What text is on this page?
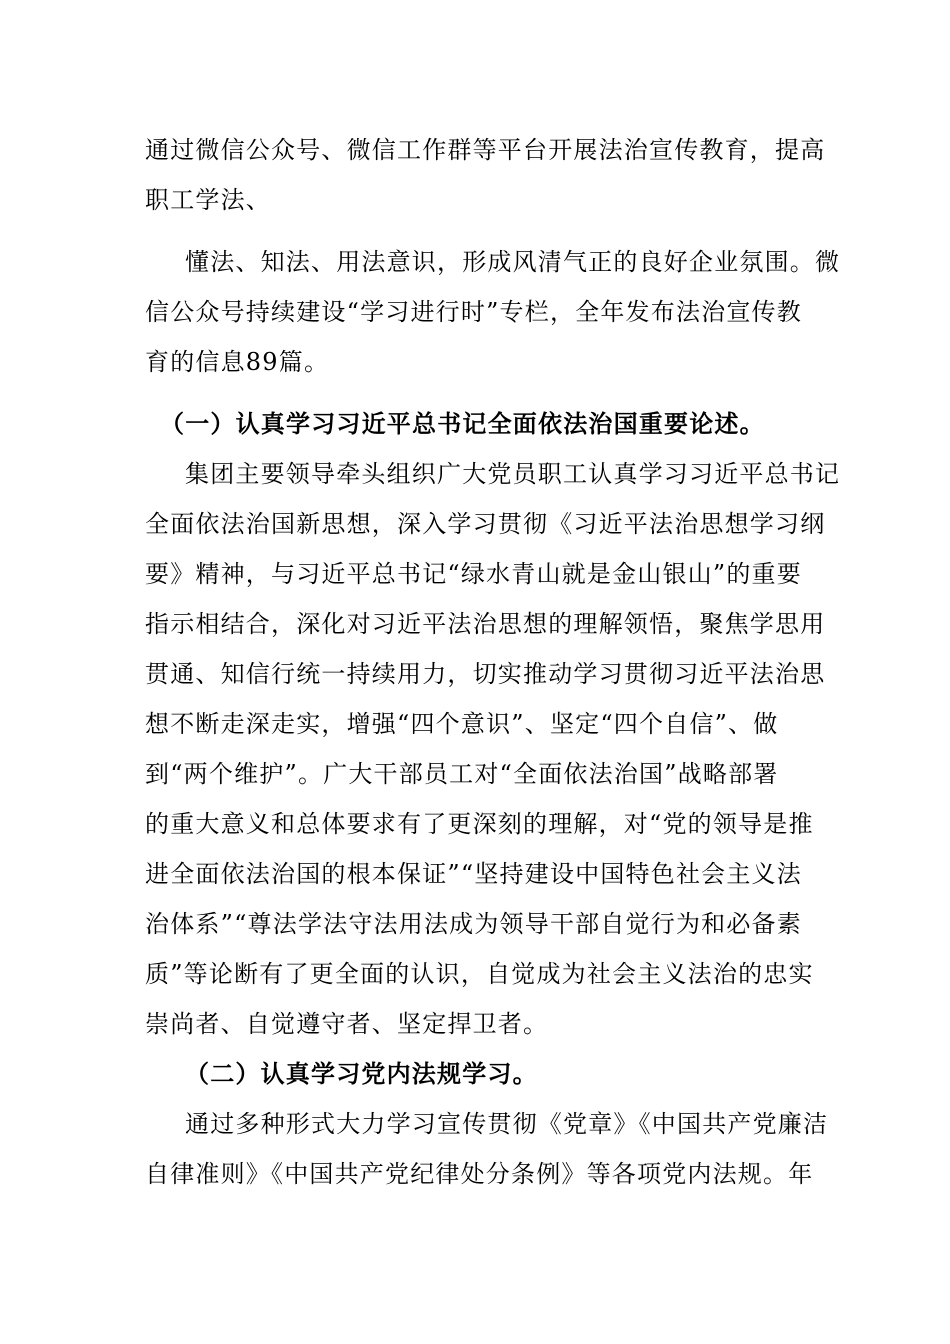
通过微信公众号、微信工作群等平台开展法治宣传教育，提高
职工学法、
懂法、知法、用法意识，形成风清气正的良好企业氛围。微
信公众号持续建设“学习进行时”专栏，全年发布法治宣传教
育的信息89篇。
（一）认真学习习近平总书记全面依法治国重要论述。
集团主要领导牵头组织广大党员职工认真学习习近平总书记
全面依法治国新思想，深入学习贯彻《习近平法治思想学习纲
要》精神，与习近平总书记“绿水青山就是金山银山”的重要
指示相结合，深化对习近平法治思想的理解领悟，聚焦学思用
贯通、知信行统一持续用力，切实推动学习贯彻习近平法治思
想不断走深走实，增强“四个意识”、坚定“四个自信”、做
到“两个维护”。广大干部员工对“全面依法治国”战略部署
的重大意义和总体要求有了更深刻的理解，对“党的领导是推
进全面依法治国的根本保证”“坚持建设中国特色社会主义法
治体系”“尊法学法守法用法成为领导干部自觉行为和必备素
质”等论断有了更全面的认识，自觉成为社会主义法治的忠实
崇尚者、自觉遵守者、坚定捍卫者。
（二）认真学习党内法规学习。
通过多种形式大力学习宣传贯彻《党章》《中国共产党廉洁
自律准则》《中国共产党纪律处分条例》等各项党内法规。年
